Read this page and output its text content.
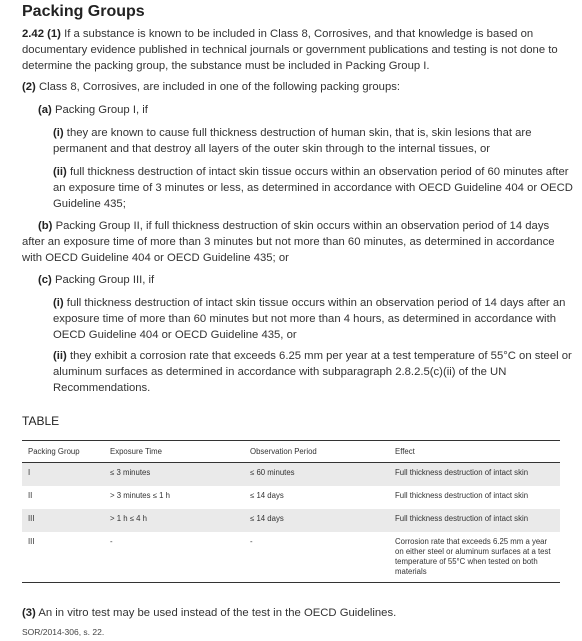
Packing Groups

2.42 (1) If a substance is known to be included in Class 8, Corrosives, and that knowledge is based on documentary evidence published in technical journals or government publications and testing is not done to determine the packing group, the substance must be included in Packing Group I.

(2) Class 8, Corrosives, are included in one of the following packing groups:

(a) Packing Group I, if

(i) they are known to cause full thickness destruction of human skin, that is, skin lesions that are permanent and that destroy all layers of the outer skin through to the internal tissues, or

(ii) full thickness destruction of intact skin tissue occurs within an observation period of 60 minutes after an exposure time of 3 minutes or less, as determined in accordance with OECD Guideline 404 or OECD Guideline 435;

(b) Packing Group II, if full thickness destruction of skin occurs within an observation period of 14 days after an exposure time of more than 3 minutes but not more than 60 minutes, as determined in accordance with OECD Guideline 404 or OECD Guideline 435; or

(c) Packing Group III, if

(i) full thickness destruction of intact skin tissue occurs within an observation period of 14 days after an exposure time of more than 60 minutes but not more than 4 hours, as determined in accordance with OECD Guideline 404 or OECD Guideline 435, or

(ii) they exhibit a corrosion rate that exceeds 6.25 mm per year at a test temperature of 55°C on steel or aluminum surfaces as determined in accordance with subparagraph 2.8.2.5(c)(ii) of the UN Recommendations.

TABLE
Packing Group	Exposure Time	Observation Period	Effect
I	≤ 3 minutes	≤ 60 minutes	Full thickness destruction of intact skin
II	> 3 minutes ≤ 1 h	≤ 14 days	Full thickness destruction of intact skin
III	> 1 h ≤ 4 h	≤ 14 days	Full thickness destruction of intact skin
III	-	-	Corrosion rate that exceeds 6.25 mm a year on either steel or aluminum surfaces at a test temperature of 55°C when tested on both materials

(3) An in vitro test may be used instead of the test in the OECD Guidelines.

SOR/2014-306, s. 22.
